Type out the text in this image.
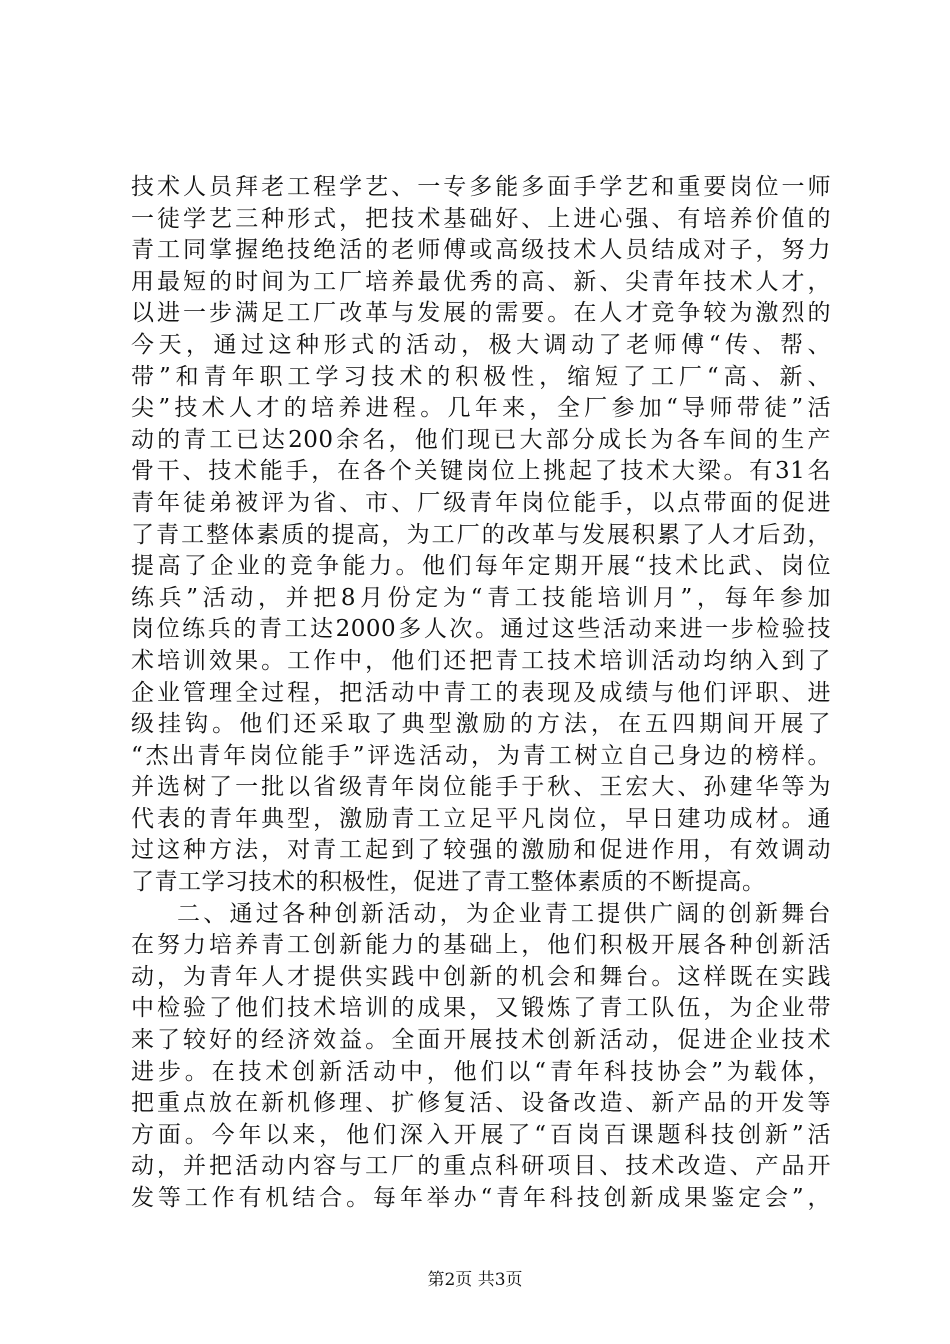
技术人员拜老工程学艺、一专多能多面手学艺和重要岗位一师
一徒学艺三种形式，把技术基础好、上进心强、有培养价值的
青工同掌握绝技绝活的老师傅或高级技术人员结成对子，努力
用最短的时间为工厂培养最优秀的高、新、尖青年技术人才，
以进一步满足工厂改革与发展的需要。在人才竞争较为激烈的
今天，通过这种形式的活动，极大调动了老师傅“传、帮、
带”和青年职工学习技术的积极性，缩短了工厂“高、新、
尖”技术人才的培养进程。几年来，全厂参加“导师带徒”活
动的青工已达200余名，他们现已大部分成长为各车间的生产
骨干、技术能手，在各个关键岗位上挑起了技术大梁。有31名
青年徒弟被评为省、市、厂级青年岗位能手，以点带面的促进
了青工整体素质的提高，为工厂的改革与发展积累了人才后劲，
提高了企业的竞争能力。他们每年定期开展“技术比武、岗位
练兵”活动，并把8月份定为“青工技能培训月”，每年参加
岗位练兵的青工达2000多人次。通过这些活动来进一步检验技
术培训效果。工作中，他们还把青工技术培训活动均纳入到了
企业管理全过程，把活动中青工的表现及成绩与他们评职、进
级挂钩。他们还采取了典型激励的方法，在五四期间开展了
“杰出青年岗位能手”评选活动，为青工树立自己身边的榜样。
并选树了一批以省级青年岗位能手于秋、王宏大、孙建华等为
代表的青年典型，激励青工立足平凡岗位，早日建功成材。通
过这种方法，对青工起到了较强的激励和促进作用，有效调动
了青工学习技术的积极性，促进了青工整体素质的不断提高。
二、通过各种创新活动，为企业青工提供广阔的创新舞台
在努力培养青工创新能力的基础上，他们积极开展各种创新活
动，为青年人才提供实践中创新的机会和舞台。这样既在实践
中检验了他们技术培训的成果，又锻炼了青工队伍，为企业带
来了较好的经济效益。全面开展技术创新活动，促进企业技术
进步。在技术创新活动中，他们以“青年科技协会”为载体，
把重点放在新机修理、扩修复活、设备改造、新产品的开发等
方面。今年以来，他们深入开展了“百岗百课题科技创新”活
动，并把活动内容与工厂的重点科研项目、技术改造、产品开
发等工作有机结合。每年举办“青年科技创新成果鉴定会”，
第2页 共3页
